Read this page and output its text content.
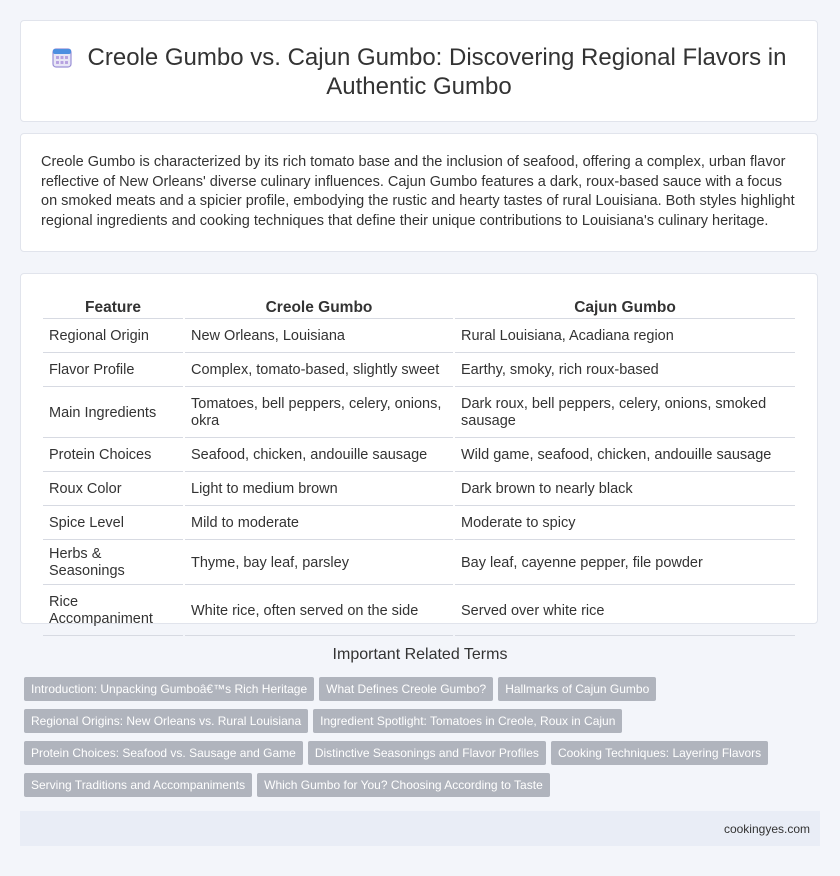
Creole Gumbo vs. Cajun Gumbo: Discovering Regional Flavors in Authentic Gumbo

Creole Gumbo is characterized by its rich tomato base and the inclusion of seafood, offering a complex, urban flavor reflective of New Orleans' diverse culinary influences. Cajun Gumbo features a dark, roux-based sauce with a focus on smoked meats and a spicier profile, embodying the rustic and hearty tastes of rural Louisiana. Both styles highlight regional ingredients and cooking techniques that define their unique contributions to Louisiana's culinary heritage.

Feature	Creole Gumbo	Cajun Gumbo
Regional Origin	New Orleans, Louisiana	Rural Louisiana, Acadiana region
Flavor Profile	Complex, tomato-based, slightly sweet	Earthy, smoky, rich roux-based
Main Ingredients	Tomatoes, bell peppers, celery, onions, okra	Dark roux, bell peppers, celery, onions, smoked sausage
Protein Choices	Seafood, chicken, andouille sausage	Wild game, seafood, chicken, andouille sausage
Roux Color	Light to medium brown	Dark brown to nearly black
Spice Level	Mild to moderate	Moderate to spicy
Herbs & Seasonings	Thyme, bay leaf, parsley	Bay leaf, cayenne pepper, file powder
Rice Accompaniment	White rice, often served on the side	Served over white rice
Important Related Terms
Introduction: Unpacking Gumboâ€™s Rich Heritage What Defines Creole Gumbo? Hallmarks of Cajun Gumbo
Regional Origins: New Orleans vs. Rural Louisiana Ingredient Spotlight: Tomatoes in Creole, Roux in Cajun
Protein Choices: Seafood vs. Sausage and Game Distinctive Seasonings and Flavor Profiles Cooking Techniques: Layering Flavors
Serving Traditions and Accompaniments Which Gumbo for You? Choosing According to Taste
cookingyes.com
